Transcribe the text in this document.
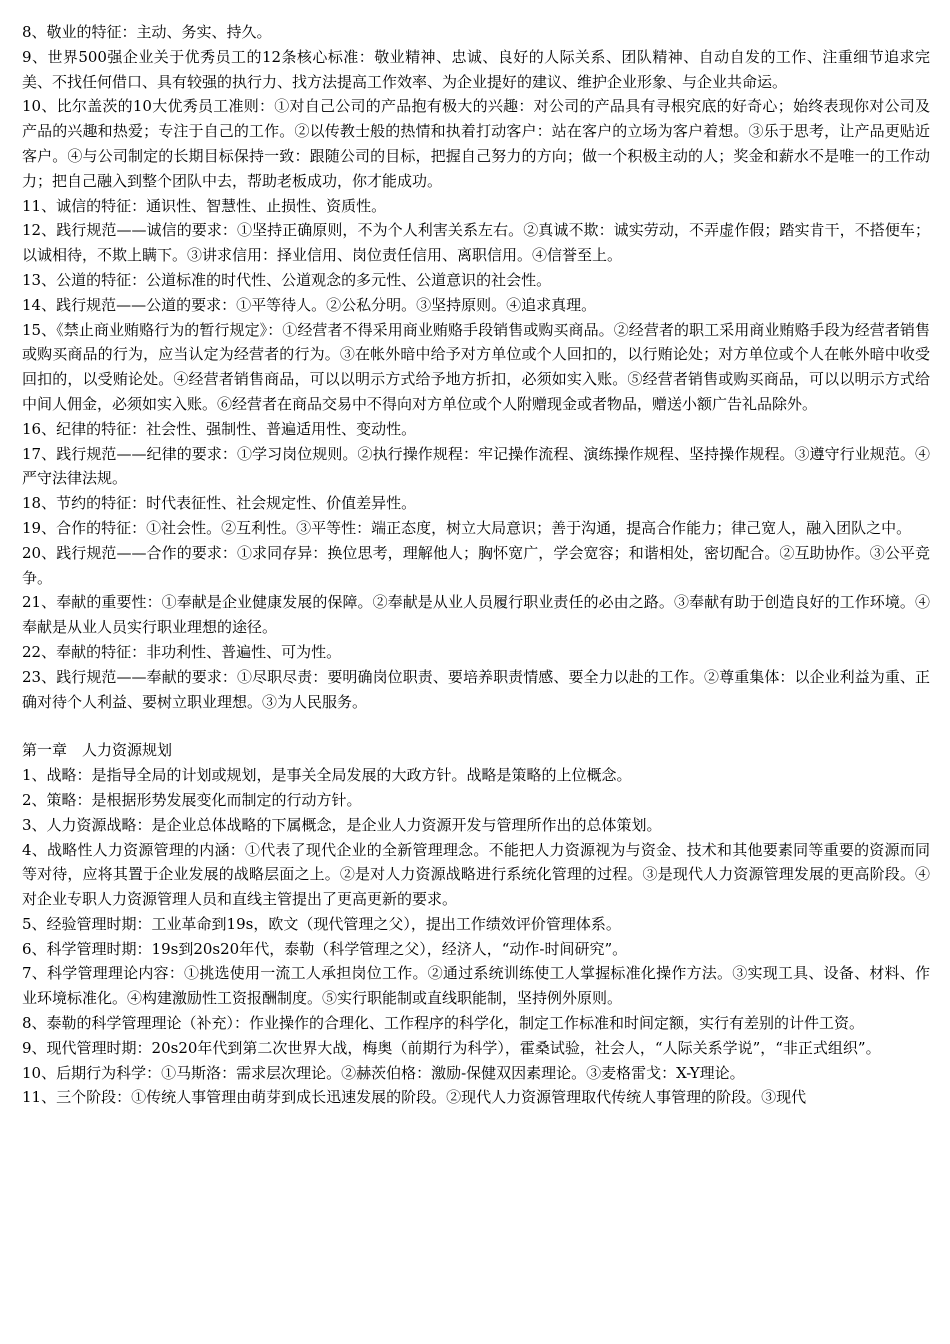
8、敬业的特征：主动、务实、持久。

9、世界500强企业关于优秀员工的12条核心标准：敬业精神、忠诚、良好的人际关系、团队精神、自动自发的工作、注重细节追求完美、不找任何借口、具有较强的执行力、找方法提高工作效率、为企业提好的建议、维护企业形象、与企业共命运。

10、比尔盖茨的10大优秀员工准则：①对自己公司的产品抱有极大的兴趣：对公司的产品具有寻根究底的好奇心；始终表现你对公司及产品的兴趣和热爱；专注于自己的工作。②以传教士般的热情和执着打动客户：站在客户的立场为客户着想。③乐于思考，让产品更贴近客户。④与公司制定的长期目标保持一致：跟随公司的目标，把握自己努力的方向；做一个积极主动的人；奖金和薪水不是唯一的工作动力；把自己融入到整个团队中去，帮助老板成功，你才能成功。

11、诚信的特征：通识性、智慧性、止损性、资质性。

12、践行规范——诚信的要求：①坚持正确原则，不为个人利害关系左右。②真诚不欺：诚实劳动，不弄虚作假；踏实肯干，不搭便车；以诚相待，不欺上瞒下。③讲求信用：择业信用、岗位责任信用、离职信用。④信誉至上。

13、公道的特征：公道标准的时代性、公道观念的多元性、公道意识的社会性。

14、践行规范——公道的要求：①平等待人。②公私分明。③坚持原则。④追求真理。

15、《禁止商业贿赂行为的暂行规定》：①经营者不得采用商业贿赂手段销售或购买商品。②经营者的职工采用商业贿赂手段为经营者销售或购买商品的行为，应当认定为经营者的行为。③在帐外暗中给予对方单位或个人回扣的，以行贿论处；对方单位或个人在帐外暗中收受回扣的，以受贿论处。④经营者销售商品，可以以明示方式给予地方折扣，必须如实入账。⑤经营者销售或购买商品，可以以明示方式给中间人佣金，必须如实入账。⑥经营者在商品交易中不得向对方单位或个人附赠现金或者物品，赠送小额广告礼品除外。

16、纪律的特征：社会性、强制性、普遍适用性、变动性。

17、践行规范——纪律的要求：①学习岗位规则。②执行操作规程：牢记操作流程、演练操作规程、坚持操作规程。③遵守行业规范。④严守法律法规。

18、节约的特征：时代表征性、社会规定性、价值差异性。

19、合作的特征：①社会性。②互利性。③平等性：端正态度，树立大局意识；善于沟通，提高合作能力；律己宽人，融入团队之中。

20、践行规范——合作的要求：①求同存异：换位思考，理解他人；胸怀宽广，学会宽容；和谐相处，密切配合。②互助协作。③公平竞争。

21、奉献的重要性：①奉献是企业健康发展的保障。②奉献是从业人员履行职业责任的必由之路。③奉献有助于创造良好的工作环境。④奉献是从业人员实行职业理想的途径。

22、奉献的特征：非功利性、普遍性、可为性。

23、践行规范——奉献的要求：①尽职尽责：要明确岗位职责、要培养职责情感、要全力以赴的工作。②尊重集体：以企业利益为重、正确对待个人利益、要树立职业理想。③为人民服务。

第一章　人力资源规划

1、战略：是指导全局的计划或规划，是事关全局发展的大政方针。战略是策略的上位概念。

2、策略：是根据形势发展变化而制定的行动方针。

3、人力资源战略：是企业总体战略的下属概念，是企业人力资源开发与管理所作出的总体策划。

4、战略性人力资源管理的内涵：①代表了现代企业的全新管理理念。不能把人力资源视为与资金、技术和其他要素同等重要的资源而同等对待，应将其置于企业发展的战略层面之上。②是对人力资源战略进行系统化管理的过程。③是现代人力资源管理发展的更高阶段。④对企业专职人力资源管理人员和直线主管提出了更高更新的要求。

5、经验管理时期：工业革命到19s，欧文（现代管理之父），提出工作绩效评价管理体系。

6、科学管理时期：19s到20s20年代，泰勒（科学管理之父），经济人，“动作-时间研究”。

7、科学管理理论内容：①挑选使用一流工人承担岗位工作。②通过系统训练使工人掌握标准化操作方法。③实现工具、设备、材料、作业环境标准化。④构建激励性工资报酬制度。⑤实行职能制或直线职能制，坚持例外原则。

8、泰勒的科学管理理论（补充）：作业操作的合理化、工作程序的科学化，制定工作标准和时间定额，实行有差别的计件工资。

9、现代管理时期：20s20年代到第二次世界大战，梅奥（前期行为科学），霍桑试验，社会人，“人际关系学说”，“非正式组织”。

10、后期行为科学：①马斯洛：需求层次理论。②赫茨伯格：激励-保健双因素理论。③麦格雷戈：X-Y理论。

11、三个阶段：①传统人事管理由萌芽到成长迅速发展的阶段。②现代人力资源管理取代传统人事管理的阶段。③现代
